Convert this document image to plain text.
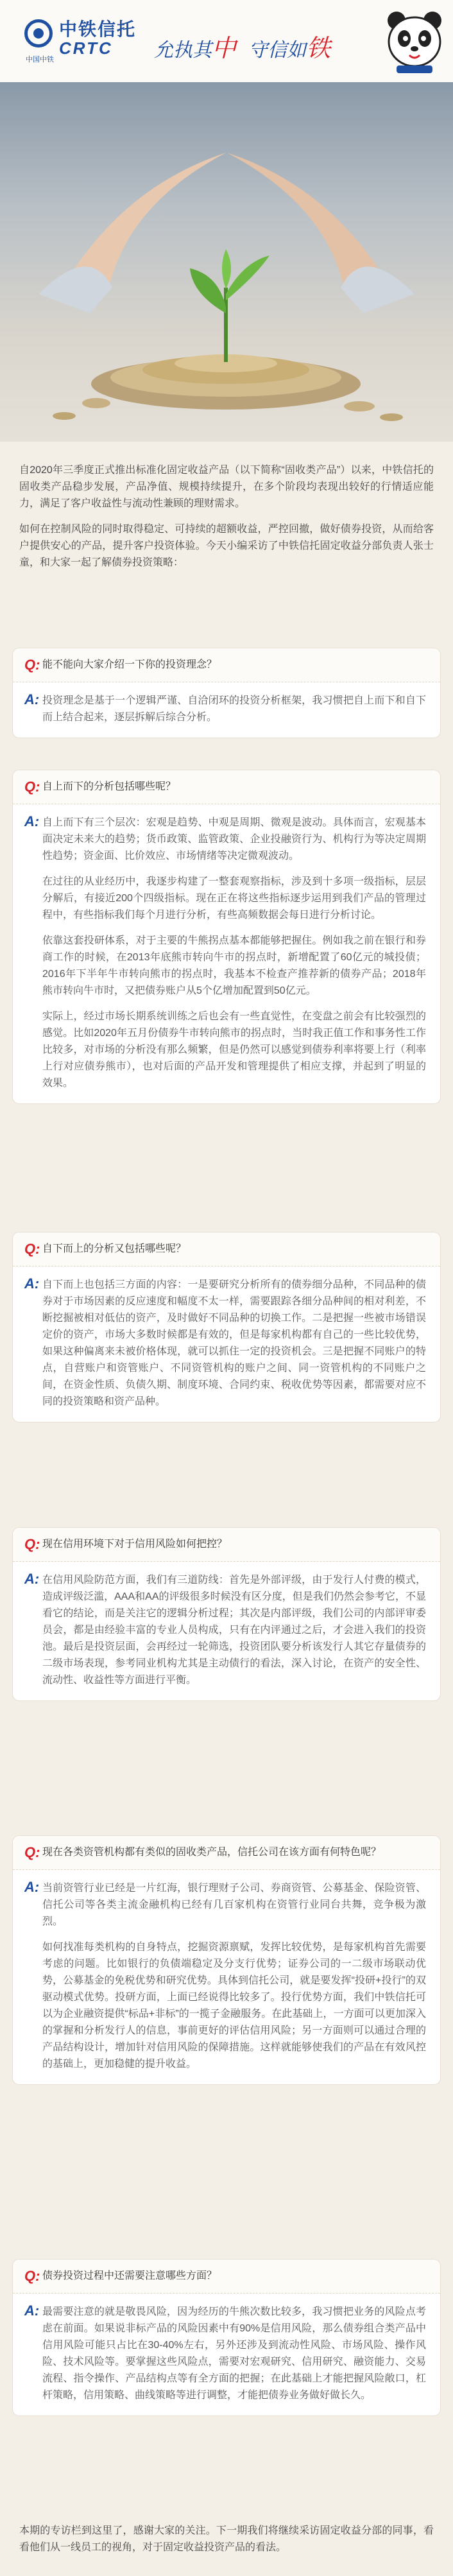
中铁信托
CRTC
中国中铁	允执其中 守信如铁

自2020年三季度正式推出标准化固定收益产品（以下简称“固收类产品”）以来，中铁信托的固收类产品稳步发展，产品净值、规模持续提升，在多个阶段均表现出较好的行情适应能力，满足了客户收益性与流动性兼顾的理财需求。

如何在控制风险的同时取得稳定、可持续的超额收益，严控回撤，做好债券投资，从而给客户提供安心的产品，提升客户投资体验。今天小编采访了中铁信托固定收益分部负责人张士童，和大家一起了解债券投资策略：

Q: 能不能向大家介绍一下你的投资理念？
A: 投资理念是基于一个逻辑严谨、自洽闭环的投资分析框架，我习惯把自上而下和自下而上结合起来，逐层拆解后综合分析。

Q: 自上而下的分析包括哪些呢？
A: 自上而下有三个层次：宏观是趋势、中观是周期、微观是波动。具体而言，宏观基本面决定未来大的趋势；货币政策、监管政策、企业投融资行为、机构行为等决定周期性趋势；资金面、比价效应、市场情绪等决定微观波动。

在过往的从业经历中，我逐步构建了一整套观察指标，涉及到十多项一级指标，层层分解后，有接近200个四级指标。现在正在将这些指标逐步运用到我们产品的管理过程中，有些指标我们每个月进行分析，有些高频数据会每日进行分析讨论。

依靠这套投研体系，对于主要的牛熊拐点基本都能够把握住。例如我之前在银行和券商工作的时候，在2013年底熊市转向牛市的拐点时，新增配置了60亿元的城投债；2016年下半年牛市转向熊市的拐点时，我基本不检查产推荐新的债券产品；2018年熊市转向牛市时，又把债券账户从5个亿增加配置到50亿元。

实际上，经过市场长期系统训练之后也会有一些直觉性，在变盘之前会有比较强烈的感觉。比如2020年五月份债券牛市转向熊市的拐点时，当时我正值工作和事务性工作比较多，对市场的分析没有那么频繁，但是仍然可以感觉到债券利率将要上行（利率上行对应债券熊市），也对后面的产品开发和管理提供了相应支撑，并起到了明显的效果。

Q: 自下而上的分析又包括哪些呢？
A: 自下而上也包括三方面的内容：一是要研究分析所有的债券细分品种，不同品种的债券对于市场因素的反应速度和幅度不太一样，需要跟踪各细分品种间的相对利差，不断挖掘被相对低估的资产，及时做好不同品种的切换工作。二是把握一些被市场错误定价的资产，市场大多数时候都是有效的，但是每家机构都有自己的一些比较优势，如果这种偏离来未被价格体现，就可以抓住一定的投资机会。三是把握不同账户的特点，自营账户和资管账户、不同资管机构的账户之间、同一资管机构的不同账户之间，在资金性质、负债久期、制度环境、合同约束、税收优势等因素，都需要对应不同的投资策略和资产品种。

Q: 现在信用环境下对于信用风险如何把控？
A: 在信用风险防范方面，我们有三道防线：首先是外部评级，由于发行人付费的模式，造成评级泛滥，AAA和AA的评级很多时候没有区分度，但是我们仍然会参考它，不显看它的结论，而是关注它的逻辑分析过程；其次是内部评级，我们公司的内部评审委员会，都是由经验丰富的专业人员构成，只有在内评通过之后，才会进入我们的投资池。最后是投资层面，会再经过一轮筛选，投资团队要分析该发行人其它存量债券的二级市场表现，参考同业机构尤其是主动债行的看法，深入讨论，在资产的安全性、流动性、收益性等方面进行平衡。

Q: 现在各类资管机构都有类似的固收类产品，信托公司在该方面有何特色呢？
A: 当前资管行业已经是一片红海，银行理财子公司、券商资管、公募基金、保险资管、信托公司等各类主流金融机构已经有几百家机构在资管行业同台共舞，竞争极为激烈。

如何找准每类机构的自身特点，挖掘资源禀赋，发挥比较优势，是每家机构首先需要考虑的问题。比如银行的负债端稳定及分支行优势；证券公司的一二级市场联动优势，公募基金的免税优势和研究优势。具体到信托公司，就是要发挥“投研+投行”的双驱动模式优势。投研方面，上面已经说得比较多了。投行优势方面，我们中铁信托可以为企业融资提供“标品+非标”的一揽子金融服务。在此基础上，一方面可以更加深入的掌握和分析发行人的信息，事前更好的评估信用风险；另一方面则可以通过合理的产品结构设计，增加针对信用风险的保障措施。这样就能够使我们的产品在有效风控的基础上，更加稳健的提升收益。

Q: 债券投资过程中还需要注意哪些方面？
A: 最需要注意的就是敬畏风险，因为经历的牛熊次数比较多，我习惯把业务的风险点考虑在前面。如果说非标产品的风险因素中有90%是信用风险，那么债券组合类产品中信用风险可能只占比在30-40%左右，另外还涉及到流动性风险、市场风险、操作风险、技术风险等。要掌握这些风险点，需要对宏观研究、信用研究、融资能力、交易流程、指令操作、产品结构点等有全方面的把握；在此基础上才能把握风险敞口，杠杆策略，信用策略、曲线策略等进行调整，才能把债券业务做好做长久。

本期的专访栏到这里了，感谢大家的关注。下一期我们将继续采访固定收益分部的同事，看看他们从一线员工的视角，对于固定收益投资产品的看法。
